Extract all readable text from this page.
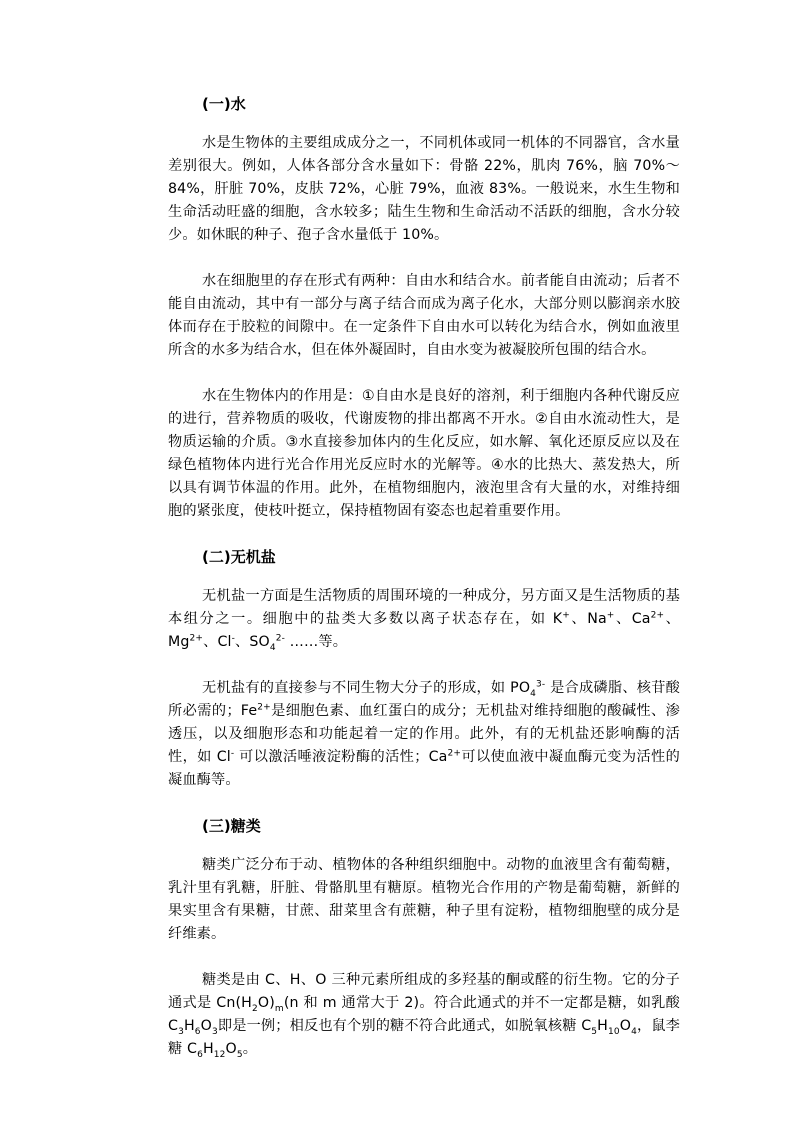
(一)水

水是生物体的主要组成成分之一，不同机体或同一机体的不同器官，含水量差别很大。例如，人体各部分含水量如下：骨骼 22%，肌肉 76%，脑 70%～84%，肝脏 70%，皮肤 72%，心脏 79%，血液 83%。一般说来，水生生物和生命活动旺盛的细胞，含水较多；陆生生物和生命活动不活跃的细胞，含水分较少。如休眠的种子、孢子含水量低于 10%。

水在细胞里的存在形式有两种：自由水和结合水。前者能自由流动；后者不能自由流动，其中有一部分与离子结合而成为离子化水，大部分则以膨润亲水胶体而存在于胶粒的间隙中。在一定条件下自由水可以转化为结合水，例如血液里所含的水多为结合水，但在体外凝固时，自由水变为被凝胶所包围的结合水。

水在生物体内的作用是：①自由水是良好的溶剂，利于细胞内各种代谢反应的进行，营养物质的吸收，代谢废物的排出都离不开水。②自由水流动性大，是物质运输的介质。③水直接参加体内的生化反应，如水解、氧化还原反应以及在绿色植物体内进行光合作用光反应时水的光解等。④水的比热大、蒸发热大，所以具有调节体温的作用。此外，在植物细胞内，液泡里含有大量的水，对维持细胞的紧张度，使枝叶挺立，保持植物固有姿态也起着重要作用。

(二)无机盐

无机盐一方面是生活物质的周围环境的一种成分，另方面又是生活物质的基本组分之一。细胞中的盐类大多数以离子状态存在，如 K+、Na+、$Ca^{2+}$、$Mg^{2+}$、Cl-、$SO_4^{2-}$ ……等。

无机盐有的直接参与不同生物大分子的形成，如 $PO_4^{3-}$ 是合成磷脂、核苷酸所必需的；$Fe^{2+}$是细胞色素、血红蛋白的成分；无机盐对维持细胞的酸碱性、渗透压，以及细胞形态和功能起着一定的作用。此外，有的无机盐还影响酶的活性，如 Cl- 可以激活唾液淀粉酶的活性；$Ca^{2+}$可以使血液中凝血酶元变为活性的凝血酶等。

(三)糖类

糖类广泛分布于动、植物体的各种组织细胞中。动物的血液里含有葡萄糖，乳汁里有乳糖，肝脏、骨骼肌里有糖原。植物光合作用的产物是葡萄糖，新鲜的果实里含有果糖，甘蔗、甜菜里含有蔗糖，种子里有淀粉，植物细胞壁的成分是纤维素。

糖类是由 C、H、O 三种元素所组成的多羟基的酮或醛的衍生物。它的分子通式是 $Cn(H_2O)_m(n$ 和 m 通常大于 2)。符合此通式的并不一定都是糖，如乳酸 $C_3H_6O_3$即是一例；相反也有个别的糖不符合此通式，如脱氧核糖 $C_5H_{10}O_4$，鼠李糖 $C_6H_{12}O_5$。
